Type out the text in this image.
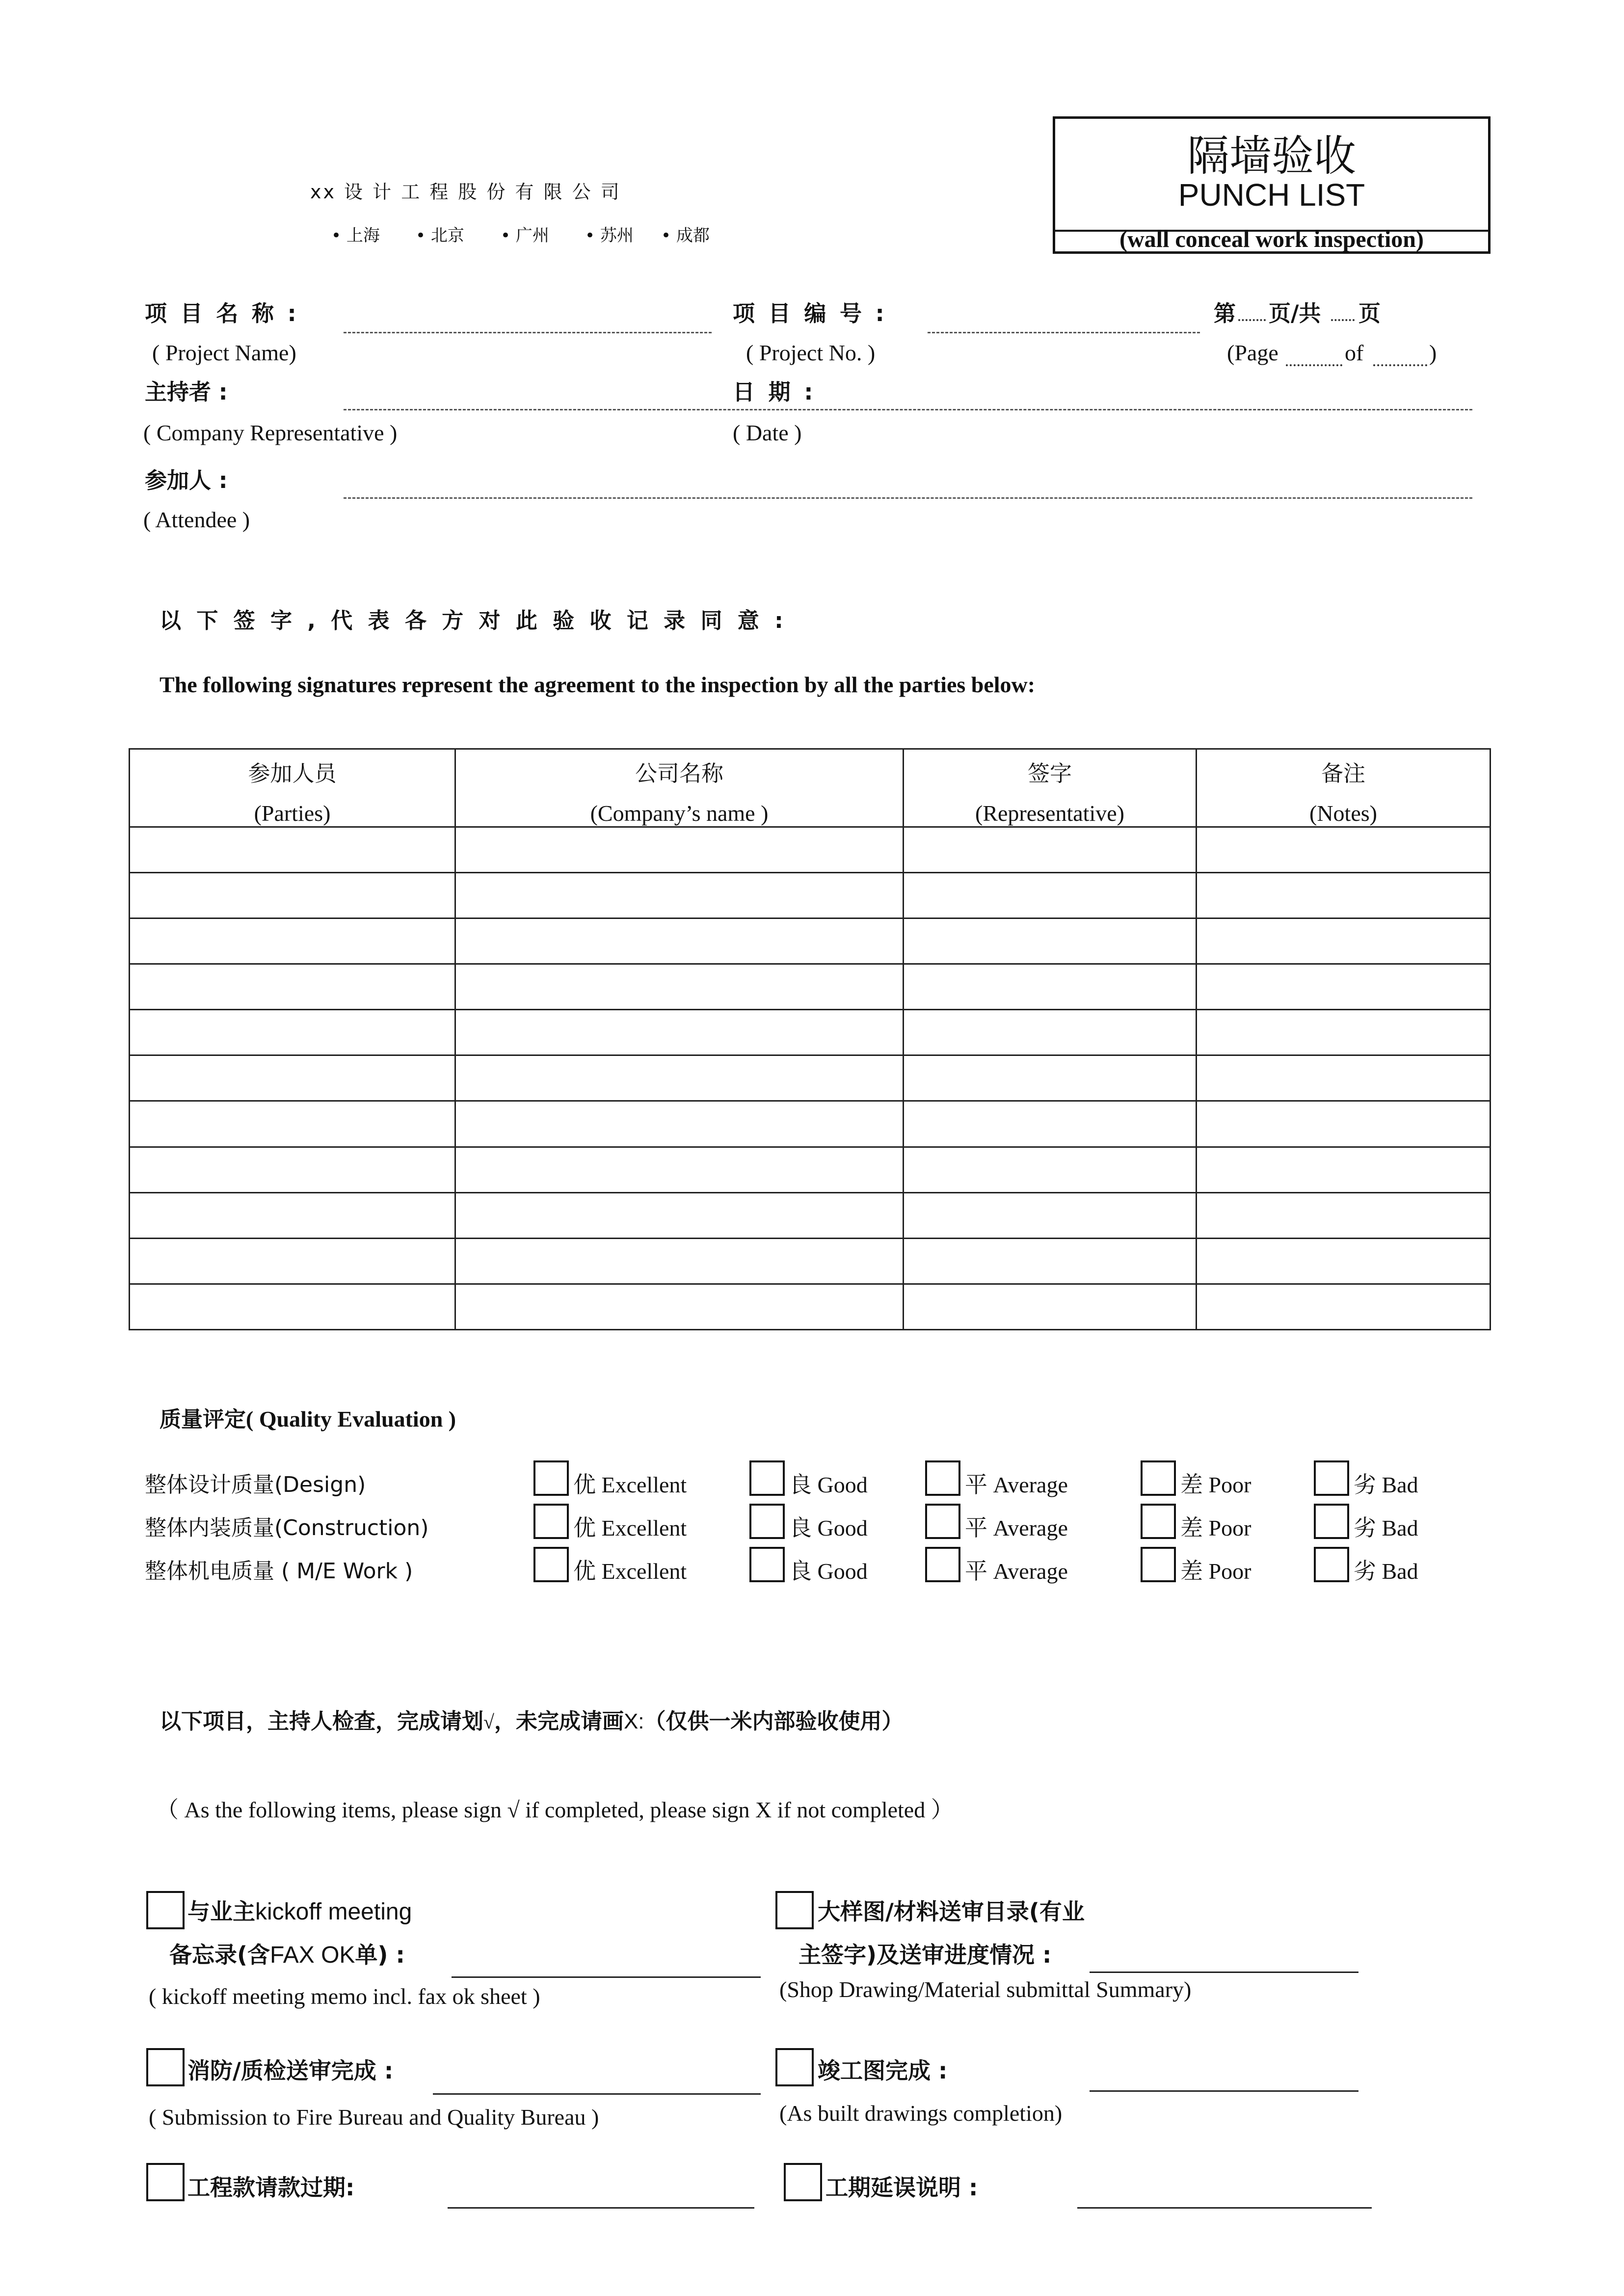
xx 设 计 工 程 股 份 有 限 公 司
• 上海 • 北京 • 广州 • 苏州 • 成都
隔墙验收
PUNCH LIST
(wall conceal work inspection)
项 目 名 称 :
( Project Name)
项 目 编 号 :
( Project No. )
第 页/共 页
(Page	of	)
主持者 :	日 期 :
( Company Representative )	( Date )
参加人 :
( Attendee )
以 下 签 字 , 代 表 各 方 对 此 验 收 记 录 同 意 :
The following signatures represent the agreement to the inspection by all the parties below:
参加人员
(Parties)	公司名称
(Company’s name )	签字
(Representative)	备注
(Notes)

质量评定( Quality Evaluation )
整体设计质量(Design)	优 Excellent	良 Good	平 Average	差 Poor	劣 Bad
整体内装质量(Construction)	优 Excellent	良 Good	平 Average	差 Poor	劣 Bad
整体机电质量 ( M/E Work )	优 Excellent	良 Good	平 Average	差 Poor	劣 Bad
以下项目，主持人检查，完成请划√，未完成请画X:（仅供一米内部验收使用）
（ As the following items, please sign √ if completed, please sign X if not completed ）
与业主kickoff meeting
备忘录(含FAX OK单) :
( kickoff meeting memo incl. fax ok sheet )
大样图/材料送审目录(有业
主签字)及送审进度情况 :
(Shop Drawing/Material submittal Summary)
消防/质检送审完成 :
( Submission to Fire Bureau and Quality Bureau )
竣工图完成 :
(As built drawings completion)
工程款请款过期:	工期延误说明 :
